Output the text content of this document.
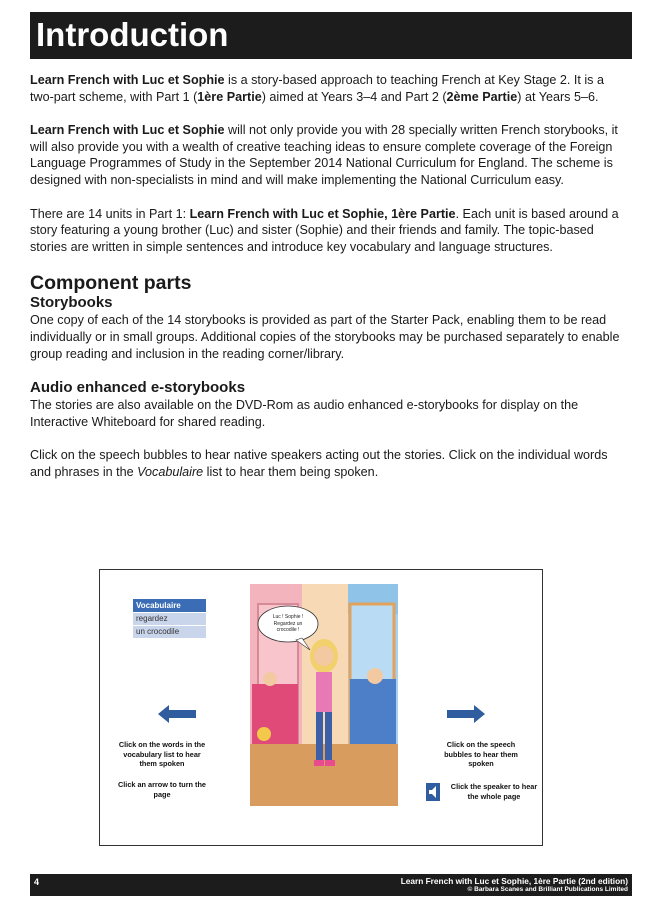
Introduction

Learn French with Luc et Sophie is a story-based approach to teaching French at Key Stage 2. It is a two-part scheme, with Part 1 (1ère Partie) aimed at Years 3–4 and Part 2 (2ème Partie) at Years 5–6.

Learn French with Luc et Sophie will not only provide you with 28 specially written French storybooks, it will also provide you with a wealth of creative teaching ideas to ensure complete coverage of the Foreign Language Programmes of Study in the September 2014 National Curriculum for England. The scheme is designed with non-specialists in mind and will make implementing the National Curriculum easy.

There are 14 units in Part 1: Learn French with Luc et Sophie, 1ère Partie. Each unit is based around a story featuring a young brother (Luc) and sister (Sophie) and their friends and family. The topic-based stories are written in simple sentences and introduce key vocabulary and language structures.

Component parts
Storybooks

One copy of each of the 14 storybooks is provided as part of the Starter Pack, enabling them to be read individually or in small groups. Additional copies of the storybooks may be purchased separately to enable group reading and inclusion in the reading corner/library.

Audio enhanced e-storybooks

The stories are also available on the DVD-Rom as audio enhanced e-storybooks for display on the Interactive Whiteboard for shared reading.

Click on the speech bubbles to hear native speakers acting out the stories. Click on the individual words and phrases in the Vocabulaire list to hear them being spoken.

Vocabulaire
regardez
un crocodile
Click on the words in the vocabulary list to hear them spoken
Click an arrow to turn the page
Click on the speech bubbles to hear them spoken
Click the speaker to hear the whole page
Luc ! Sophie ! Regardez un crocodile !
4	Learn French with Luc et Sophie, 1ère Partie (2nd edition)
© Barbara Scanes and Brilliant Publications Limited
